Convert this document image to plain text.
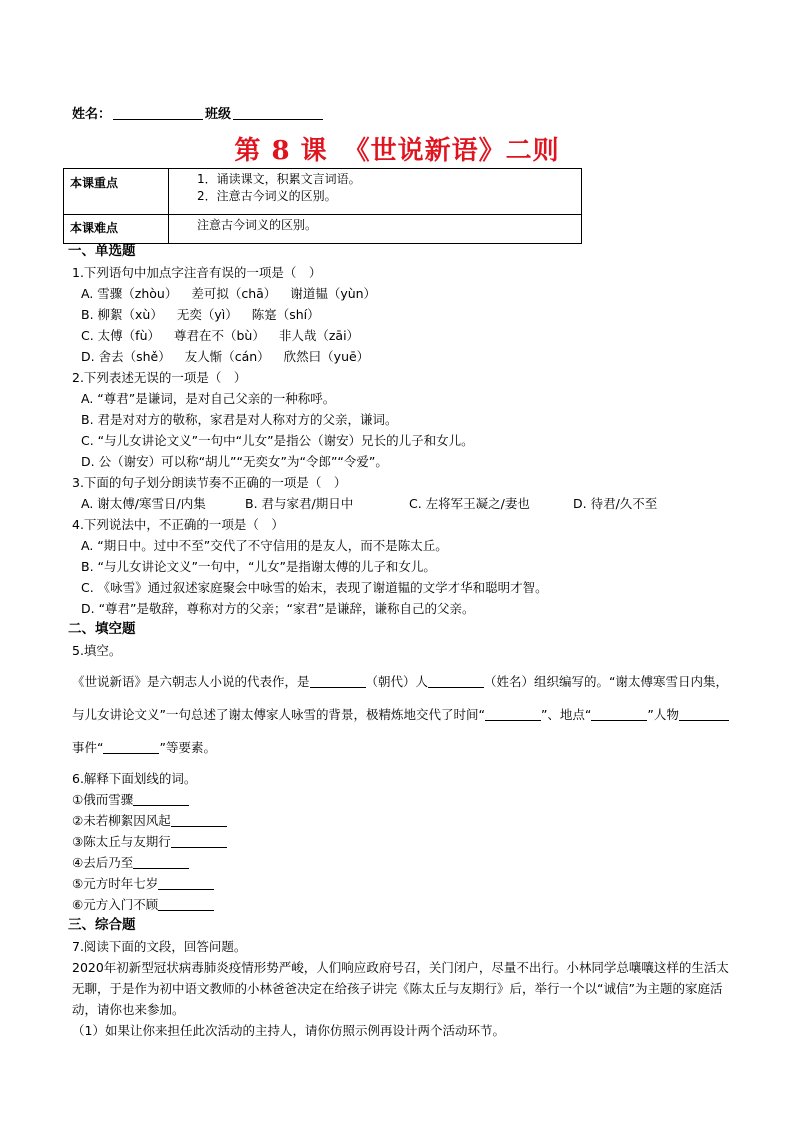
姓名：	班级
第 8 课 《世说新语》二则
本课重点	1．诵读课文，积累文言词语。
2．注意古今词义的区别。

本课难点	注意古今词义的区别。
一、单选题
1.下列语句中加点字注音有误的一项是（　）
A. 雪骤（zhòu） 差可拟（chā） 谢道韫（yùn）
B. 柳絮（xù） 无奕（yì） 陈寔（shí）
C. 太傅（fù） 尊君在不（bù） 非人哉（zāi）
D. 舍去（shě） 友人惭（cán） 欣然曰（yuē）
2.下列表述无误的一项是（　）
A. “尊君”是谦词，是对自己父亲的一种称呼。
B. 君是对对方的敬称，家君是对人称对方的父亲，谦词。
C. “与儿女讲论文义”一句中“儿女”是指公（谢安）兄长的儿子和女儿。
D. 公（谢安）可以称“胡儿”“无奕女”为“令郎”“令爱”。
3.下面的句子划分朗读节奏不正确的一项是（　）
A. 谢太傅/寒雪日/内集	B. 君与家君/期日中	C. 左将军王凝之/妻也	D. 待君/久不至
4.下列说法中，不正确的一项是（　）
A. “期日中。过中不至”交代了不守信用的是友人，而不是陈太丘。
B. “与儿女讲论文义”一句中，“儿女”是指谢太傅的儿子和女儿。
C. 《咏雪》通过叙述家庭聚会中咏雪的始末，表现了谢道韫的文学才华和聪明才智。
D. “尊君”是敬辞，尊称对方的父亲；“家君”是谦辞，谦称自己的父亲。
二、填空题
5.填空。
《世说新语》是六朝志人小说的代表作，是	（朝代）人	（姓名）组织编写的。“谢太傅寒雪日内集，与儿女讲论文义”一句总述了谢太傅家人咏雪的背景，极精炼地交代了时间“	”、地点“	”人物事件“	”等要素。
6.解释下面划线的词。
①俄而雪骤
②未若柳絮因风起
③陈太丘与友期行
④去后乃至
⑤元方时年七岁
⑥元方入门不顾
三、综合题
7.阅读下面的文段，回答问题。
2020年初新型冠状病毒肺炎疫情形势严峻，人们响应政府号召，关门闭户，尽量不出行。小林同学总嚷嚷这样的生活太无聊，于是作为初中语文教师的小林爸爸决定在给孩子讲完《陈太丘与友期行》后，举行一个以“诚信”为主题的家庭活动，请你也来参加。
（1）如果让你来担任此次活动的主持人，请你仿照示例再设计两个活动环节。
